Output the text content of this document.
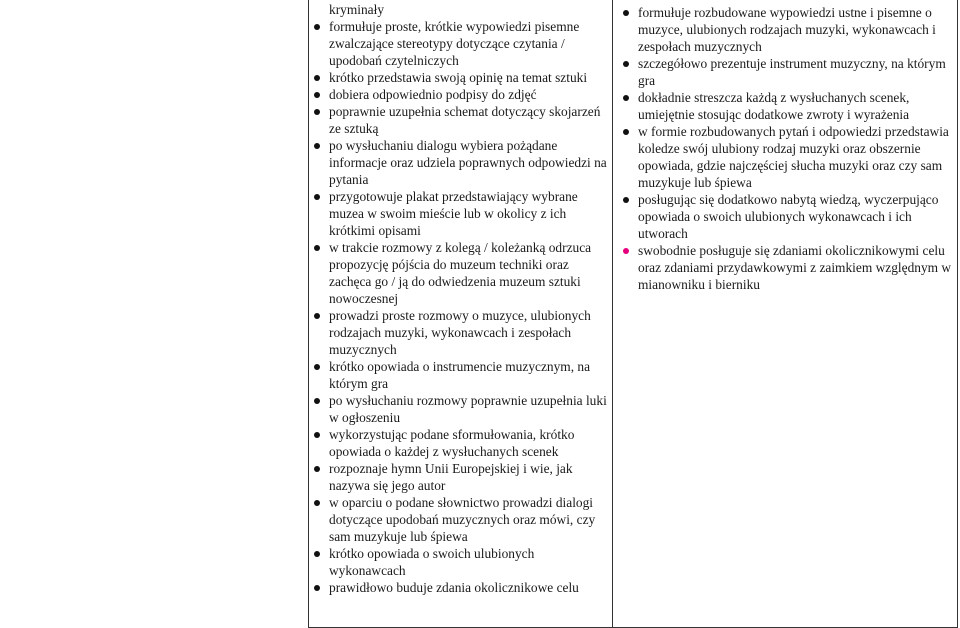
kryminały
formułuje proste, krótkie wypowiedzi pisemne zwalczające stereotypy dotyczące czytania / upodobań czytelniczych
krótko przedstawia swoją opinię na temat sztuki
dobiera odpowiednio podpisy do zdjęć
poprawnie uzupełnia schemat dotyczący skojarzeń ze sztuką
po wysłuchaniu dialogu wybiera pożądane informacje oraz udziela poprawnych odpowiedzi na pytania
przygotowuje plakat przedstawiający wybrane muzea w swoim mieście lub w okolicy z ich krótkimi opisami
w trakcie rozmowy z kolegą / koleżanką odrzuca propozycję pójścia do muzeum techniki oraz zachęca go / ją do odwiedzenia muzeum sztuki nowoczesnej
prowadzi proste rozmowy o muzyce, ulubionych rodzajach muzyki, wykonawcach i zespołach muzycznych
krótko opowiada o instrumencie muzycznym, na którym gra
po wysłuchaniu rozmowy poprawnie uzupełnia luki w ogłoszeniu
wykorzystując podane sformułowania, krótko opowiada o każdej z wysłuchanych scenek
rozpoznaje hymn Unii Europejskiej i wie, jak nazywa się jego autor
w oparciu o podane słownictwo prowadzi dialogi dotyczące upodobań muzycznych oraz mówi, czy sam muzykuje lub śpiewa
krótko opowiada o swoich ulubionych wykonawcach
prawidłowo buduje zdania okolicznikowe celu
formułuje rozbudowane wypowiedzi ustne i pisemne o muzyce, ulubionych rodzajach muzyki, wykonawcach i zespołach muzycznych
szczegółowo prezentuje instrument muzyczny, na którym gra
dokładnie streszcza każdą z wysłuchanych scenek, umiejętnie stosując dodatkowe zwroty i wyrażenia
w formie rozbudowanych pytań i odpowiedzi przedstawia koledze swój ulubiony rodzaj muzyki oraz obszernie opowiada, gdzie najczęściej słucha muzyki oraz czy sam muzykuje lub śpiewa
posługując się dodatkowo nabytą wiedzą, wyczerpująco opowiada o swoich ulubionych wykonawcach i ich utworach
swobodnie posługuje się zdaniami okolicznikowymi celu oraz zdaniami przydawkowymi z zaimkiem względnym w mianowniku i bierniku
